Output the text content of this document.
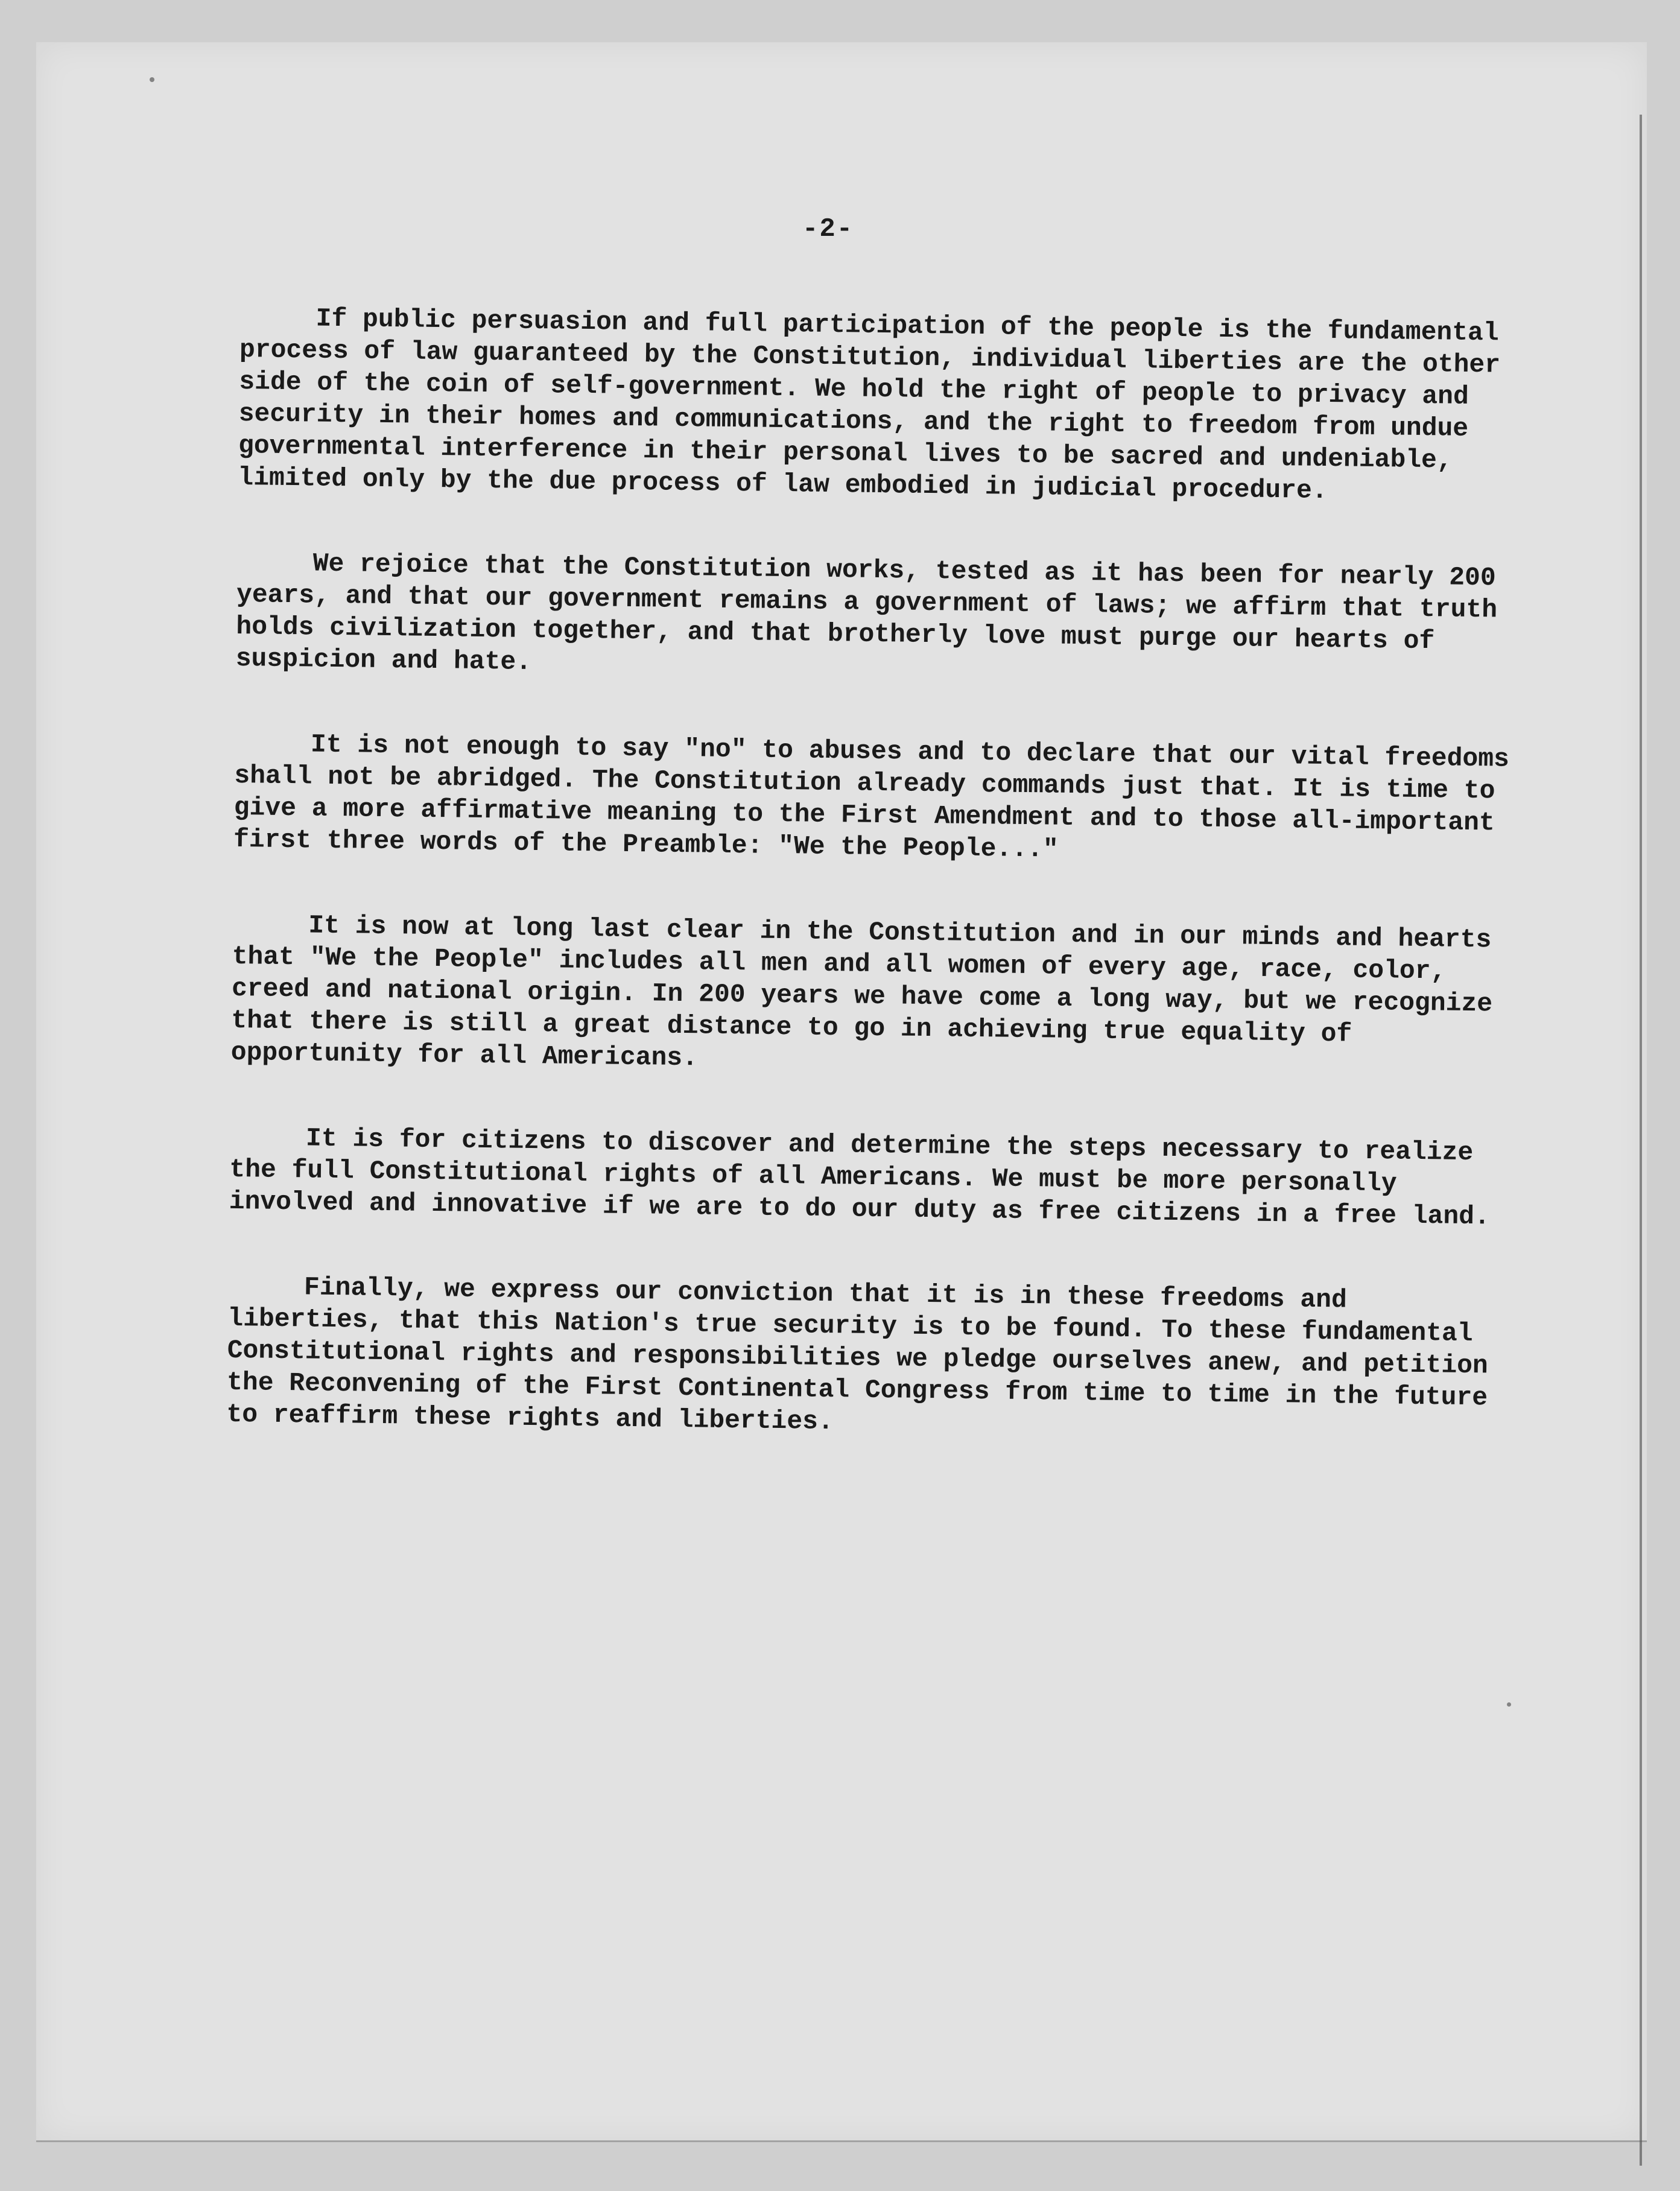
-2-

If public persuasion and full participation of the people is the fundamental process of law guaranteed by the Constitution, individual liberties are the other side of the coin of self-government. We hold the right of people to privacy and security in their homes and communications, and the right to freedom from undue governmental interference in their personal lives to be sacred and undeniable, limited only by the due process of law embodied in judicial procedure.

We rejoice that the Constitution works, tested as it has been for nearly 200 years, and that our government remains a government of laws; we affirm that truth holds civilization together, and that brotherly love must purge our hearts of suspicion and hate.

It is not enough to say "no" to abuses and to declare that our vital freedoms shall not be abridged. The Constitution already commands just that. It is time to give a more affirmative meaning to the First Amendment and to those all-important first three words of the Preamble: "We the People..."

It is now at long last clear in the Constitution and in our minds and hearts that "We the People" includes all men and all women of every age, race, color, creed and national origin. In 200 years we have come a long way, but we recognize that there is still a great distance to go in achieving true equality of opportunity for all Americans.

It is for citizens to discover and determine the steps necessary to realize the full Constitutional rights of all Americans. We must be more personally involved and innovative if we are to do our duty as free citizens in a free land.

Finally, we express our conviction that it is in these freedoms and liberties, that this Nation's true security is to be found. To these fundamental Constitutional rights and responsibilities we pledge ourselves anew, and petition the Reconvening of the First Continental Congress from time to time in the future to reaffirm these rights and liberties.
